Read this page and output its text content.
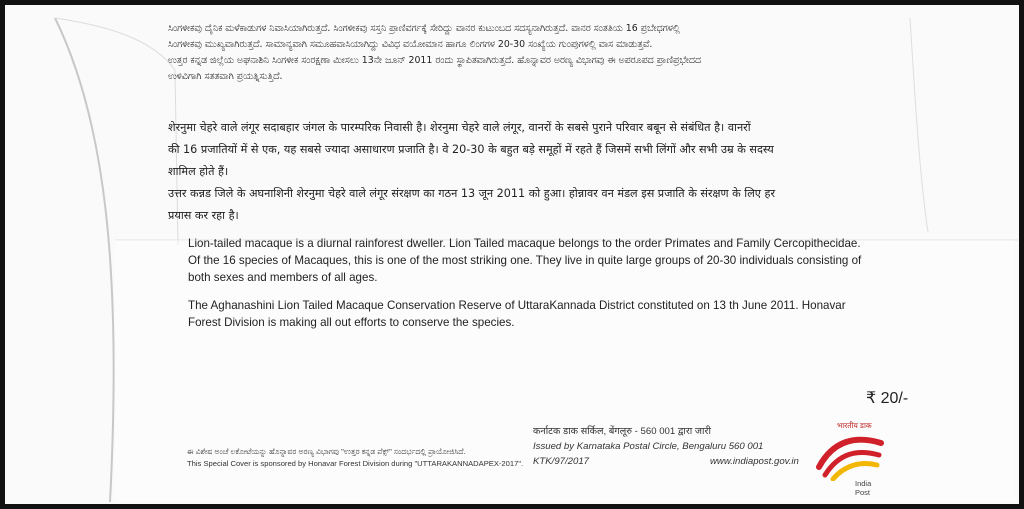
ಸಿಂಗಳೀಕವು ದೈನಿಕ ಮಳೆಕಾಡುಗಳ ನಿವಾಸಿಯಾಗಿರುತ್ತದೆ. ಸಿಂಗಳೀಕವು ಸಸ್ತನಿ ಪ್ರಾಣಿವರ್ಗಕ್ಕೆ ಸೇರಿದ್ದು ವಾನರ ಕುಟುಂಬದ ಸದಸ್ಯನಾಗಿರುತ್ತದೆ. ವಾನರ ಸಂತತಿಯ 16 ಪ್ರಬೇಧಗಳಲ್ಲಿ
ಸಿಂಗಳೀಕವು ಮುಖ್ಯವಾಗಿರುತ್ತದೆ. ಸಾಮಾನ್ಯವಾಗಿ ಸಮೂಹವಾಸಿಯಾಗಿದ್ದು ವಿವಿಧ ವಯೋಮಾನ ಹಾಗೂ ಲಿಂಗಗಳ 20-30 ಸಂಖ್ಯೆಯ ಗುಂಪುಗಳಲ್ಲಿ ವಾಸ ಮಾಡುತ್ತವೆ.
ಉತ್ತರ ಕನ್ನಡ ಜಿಲ್ಲೆಯ ಅಘನಾಶಿನಿ ಸಿಂಗಳೀಕ ಸಂರಕ್ಷಣಾ ಮೀಸಲು 13ನೇ ಜೂನ್ 2011 ರಂದು ಸ್ಥಾಪಿತವಾಗಿರುತ್ತದೆ. ಹೊನ್ನಾವರ ಅರಣ್ಯ ವಿಭಾಗವು ಈ ಅಪರೂಪದ ಪ್ರಾಣಿಪ್ರಭೇದದ
ಉಳಿವಿಗಾಗಿ ಸತತವಾಗಿ ಪ್ರಯತ್ನಿಸುತ್ತಿದೆ.
शेरनुमा चेहरे वाले लंगूर सदाबहार जंगल के पारम्परिक निवासी है। शेरनुमा चेहरे वाले लंगूर, वानरों के सबसे पुराने परिवार बबून से संबंधित है। वानरों
की 16 प्रजातियों में से एक, यह सबसे ज्यादा असाधारण प्रजाति है। वे 20-30 के बहुत बड़े समूहों में रहते हैं जिसमें सभी लिंगों और सभी उम्र के सदस्य
शामिल होते हैं।
उत्तर कन्नड जिले के अघनाशिनी शेरनुमा चेहरे वाले लंगूर संरक्षण का गठन 13 जून 2011 को हुआ। होन्नावर वन मंडल इस प्रजाति के संरक्षण के लिए हर
प्रयास कर रहा है।
Lion-tailed macaque is a diurnal rainforest dweller. Lion Tailed macaque belongs to the order Primates and Family Cercopithecidae.
Of the 16 species of Macaques, this is one of the most striking one. They live in quite large groups of 20-30 individuals consisting of
both sexes and members of all ages.
The Aghanashini Lion Tailed Macaque Conservation Reserve of UttaraKannada District constituted on 13 th June 2011. Honavar
Forest Division is making all out efforts to conserve the species.
₹ 20/-
कर्नाटक डाक सर्किल, बेंगलूरु - 560 001 द्वारा जारी
Issued by Karnataka Postal Circle, Bengaluru 560 001
KTK/97/2017	www.indiapost.gov.in
ಈ ವಿಶೇಷ ಅಂಚೆ ಲಕೋಟೆಯನ್ನು ಹೊನ್ನಾವರ ಅರಣ್ಯ ವಿಭಾಗವು "ಉತ್ತರ ಕನ್ನಡ ಪೆಕ್ಸ್" ಸಂದರ್ಭದಲ್ಲಿ ಪ್ರಾಯೋಜಿಸಿದೆ.
This Special Cover is sponsored by Honavar Forest Division during "UTTARAKANNADAPEX-2017".
भारतीय डाक
India Post
